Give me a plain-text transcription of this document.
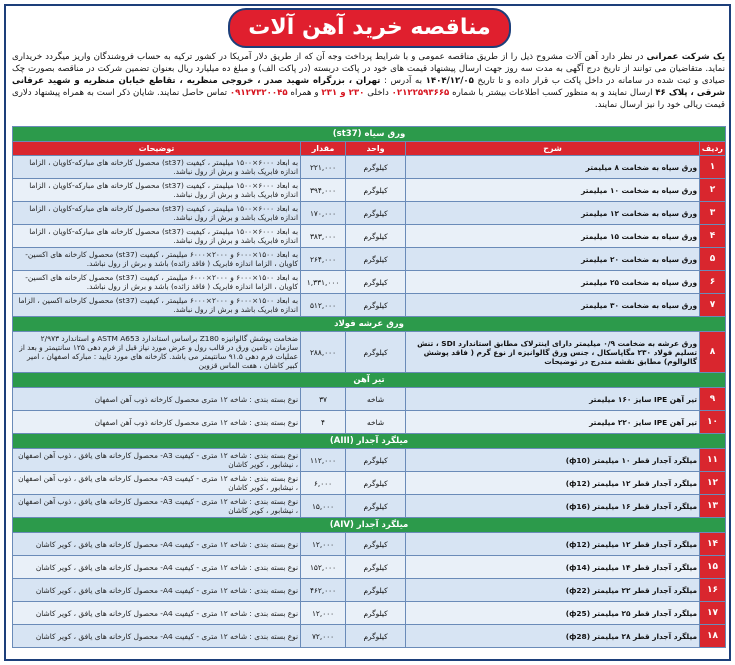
مناقصه خرید آهن آلات
یک شرکت عمرانی در نظر دارد آهن آلات مشروح ذیل را از طریق مناقصه عمومی و با شرایط پرداخت وجه آن که از طریق دلار آمریکا در کشور ترکیه به حساب فروشندگان واریز میگردد خریداری نماید. متقاضیان می توانند از تاریخ درج آگهی به مدت سه روز جهت ارسال پیشنهاد قیمت های خود در پاکت دربسته (در پاکت الف) و مبلغ ده میلیارد ریال بعنوان تضمین شرکت در مناقصه بصورت چک صیادی و ثبت شده در سامانه در داخل پاکت ب قرار داده و تا تاریخ ۱۴۰۴/۱۲/۰۵ به آدرس : تهران ، بزرگراه شهید صدر ، خروجی منظریه ، تقاطع خیابان منظریه و شهید عرفانی شرقی ، پلاک ۴۶ ارسال نمایند و به منظور کسب اطلاعات بیشتر با شماره ۰۲۱۲۲۵۹۳۶۶۵ داخلی ۲۳۰ و ۲۳۱ و همراه ۰۹۱۲۷۳۲۰۰۴۵ تماس حاصل نمایند. شایان ذکر است به همراه پیشنهاد دلاری قیمت ریالی خود را نیز ارسال نمایند.
ورق سیاه (st37)				
ردیف	شرح	واحد	مقدار	توضیحات
۱	ورق سیاه به ضخامت ۸ میلیمتر	کیلوگرم	۲۲۱,۰۰۰	به ابعاد ۶۰۰۰×۱۵۰۰ میلیمتر ، کیفیت (st37) محصول کارخانه های مبارکه-کاویان ، الزاما اندازه فابریک باشد و برش از رول نباشد.
۲	ورق سیاه به ضخامت ۱۰ میلیمتر	کیلوگرم	۳۹۴,۰۰۰	به ابعاد ۶۰۰۰×۱۵۰۰ میلیمتر ، کیفیت (st37) محصول کارخانه های مبارکه-کاویان ، الزاما اندازه فابریک باشد و برش از رول نباشد.
۳	ورق سیاه به ضخامت ۱۲ میلیمتر	کیلوگرم	۱۷۰,۰۰۰	به ابعاد ۶۰۰۰×۱۵۰۰ میلیمتر ، کیفیت (st37) محصول کارخانه های مبارکه-کاویان ، الزاما اندازه فابریک باشد و برش از رول نباشد.
۴	ورق سیاه به ضخامت ۱۵ میلیمتر	کیلوگرم	۳۸۳,۰۰۰	به ابعاد ۶۰۰۰×۱۵۰۰ میلیمتر ، کیفیت (st37) محصول کارخانه های مبارکه-کاویان ، الزاما اندازه فابریک باشد و برش از رول نباشد.
۵	ورق سیاه به ضخامت ۲۰ میلیمتر	کیلوگرم	۲۶۴,۰۰۰	به ابعاد ۱۵۰۰×۶۰۰۰ و ۲۰۰۰×۶۰۰۰ میلیمتر ، کیفیت (st37) محصول کارخانه های اکسین-کاویان ، الزاما اندازه فابریک ( فاقد زائده) باشد و برش از رول نباشد.
۶	ورق سیاه به ضخامت ۲۵ میلیمتر	کیلوگرم	۱,۳۳۱,۰۰۰	به ابعاد ۱۵۰۰×۶۰۰۰ و ۲۰۰۰×۶۰۰۰ میلیمتر ، کیفیت (st37) محصول کارخانه های اکسین-کاویان ، الزاما اندازه فابریک ( فاقد زائده) باشد و برش از رول نباشد.
۷	ورق سیاه به ضخامت ۳۰ میلیمتر	کیلوگرم	۵۱۲,۰۰۰	به ابعاد ۱۵۰۰×۶۰۰۰ و ۲۰۰۰×۶۰۰۰ میلیمتر ، کیفیت (st37) محصول کارخانه اکسین ، الزاما اندازه فابریک باشد و برش از رول نباشد.
ورق عرشه فولاد				
۸	ورق عرشه به ضخامت ۰/۹ میلیمتر دارای اینترلاک مطابق استاندارد SDI ، تنش تسلیم فولاد ۲۳۰ مگاپاسکال ، جنس ورق گالوانیزه از نوع گرم ( فاقد پوشش گالوالوم) مطابق نقشه مندرج در توضیحات	کیلوگرم	۲۸۸,۰۰۰	ضخامت پوشش گالوانیزه Z180 براساس استاندارد ASTM A653 و استاندارد ۲/۹۷۳ سازمان ، تامین ورق در قالب رول و عرض مورد نیاز قبل از فرم دهی ۱۲۵ سانتیمتر و بعد از عملیات فرم دهی ۹۱.۵ سانتیمتر می باشد. کارخانه های مورد تایید : مبارکه اصفهان ، امیر کبیر کاشان ، هفت الماس قزوین
تیر آهن				
۹	تیر آهن IPE سایز ۱۶۰ میلیمتر	شاخه	۳۷	نوع بسته بندی : شاخه ۱۲ متری محصول کارخانه ذوب آهن اصفهان
۱۰	تیر آهن IPE سایز ۲۲۰ میلیمتر	شاخه	۴	نوع بسته بندی : شاخه ۱۲ متری محصول کارخانه ذوب آهن اصفهان
میلگرد آجدار (AIII)				
۱۱	میلگرد آجدار قطر ۱۰ میلیمتر (ф10)	کیلوگرم	۱۱۲,۰۰۰	نوع بسته بندی : شاخه ۱۲ متری - کیفیت A3- محصول کارخانه های یافق ، ذوب آهن اصفهان ، نیشابور ، کویر کاشان
۱۲	میلگرد آجدار قطر ۱۲ میلیمتر (ф12)	کیلوگرم	۶,۰۰۰	نوع بسته بندی : شاخه ۱۲ متری - کیفیت A3- محصول کارخانه های یافق ، ذوب آهن اصفهان ، نیشابور ، کویر کاشان
۱۳	میلگرد آجدار قطر ۱۶ میلیمتر (ф16)	کیلوگرم	۱۵,۰۰۰	نوع بسته بندی : شاخه ۱۲ متری - کیفیت A3- محصول کارخانه های یافق ، ذوب آهن اصفهان ، نیشابور ، کویر کاشان
میلگرد آجدار (AIV)				
۱۴	میلگرد آجدار قطر ۱۲ میلیمتر (ф12)	کیلوگرم	۱۲,۰۰۰	نوع بسته بندی : شاخه ۱۲ متری - کیفیت A4- محصول کارخانه های یافق ، کویر کاشان
۱۵	میلگرد آجدار قطر ۱۴ میلیمتر (ф14)	کیلوگرم	۱۵۲,۰۰۰	نوع بسته بندی : شاخه ۱۲ متری - کیفیت A4- محصول کارخانه های یافق ، کویر کاشان
۱۶	میلگرد آجدار قطر ۲۲ میلیمتر (ф22)	کیلوگرم	۴۶۲,۰۰۰	نوع بسته بندی : شاخه ۱۲ متری - کیفیت A4- محصول کارخانه های یافق ، کویر کاشان
۱۷	میلگرد آجدار قطر ۲۵ میلیمتر (ф25)	کیلوگرم	۱۲,۰۰۰	نوع بسته بندی : شاخه ۱۲ متری - کیفیت A4- محصول کارخانه های یافق ، کویر کاشان
۱۸	میلگرد آجدار قطر ۲۸ میلیمتر (ф28)	کیلوگرم	۷۲,۰۰۰	نوع بسته بندی : شاخه ۱۲ متری - کیفیت A4- محصول کارخانه های یافق ، کویر کاشان
